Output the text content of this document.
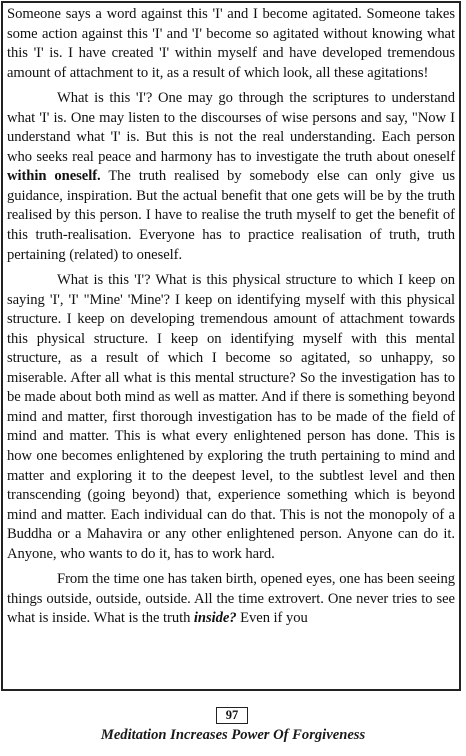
Someone says a word against this 'I' and I become agitated. Someone takes some action against this 'I' and 'I' become so agitated without knowing what this 'I' is. I have created 'I' within myself and have developed tremendous amount of attachment to it, as a result of which look, all these agitations!

What is this 'I'? One may go through the scriptures to understand what 'I' is. One may listen to the discourses of wise persons and say, "Now I understand what 'I' is. But this is not the real understanding. Each person who seeks real peace and harmony has to investigate the truth about oneself within oneself. The truth realised by somebody else can only give us guidance, inspiration. But the actual benefit that one gets will be by the truth realised by this person. I have to realise the truth myself to get the benefit of this truth-realisation. Everyone has to practice realisation of truth, truth pertaining (related) to oneself.

What is this 'I'? What is this physical structure to which I keep on saying 'I', 'I' "Mine' 'Mine'? I keep on identifying myself with this physical structure. I keep on developing tremendous amount of attachment towards this physical structure. I keep on identifying myself with this mental structure, as a result of which I become so agitated, so unhappy, so miserable. After all what is this mental structure? So the investigation has to be made about both mind as well as matter. And if there is something beyond mind and matter, first thorough investigation has to be made of the field of mind and matter. This is what every enlightened person has done. This is how one becomes enlightened by exploring the truth pertaining to mind and matter and exploring it to the deepest level, to the subtlest level and then transcending (going beyond) that, experience something which is beyond mind and matter. Each individual can do that. This is not the monopoly of a Buddha or a Mahavira or any other enlightened person. Anyone can do it. Anyone, who wants to do it, has to work hard.

From the time one has taken birth, opened eyes, one has been seeing things outside, outside, outside. All the time extrovert. One never tries to see what is inside. What is the truth inside? Even if you

97
Meditation Increases Power Of Forgiveness
